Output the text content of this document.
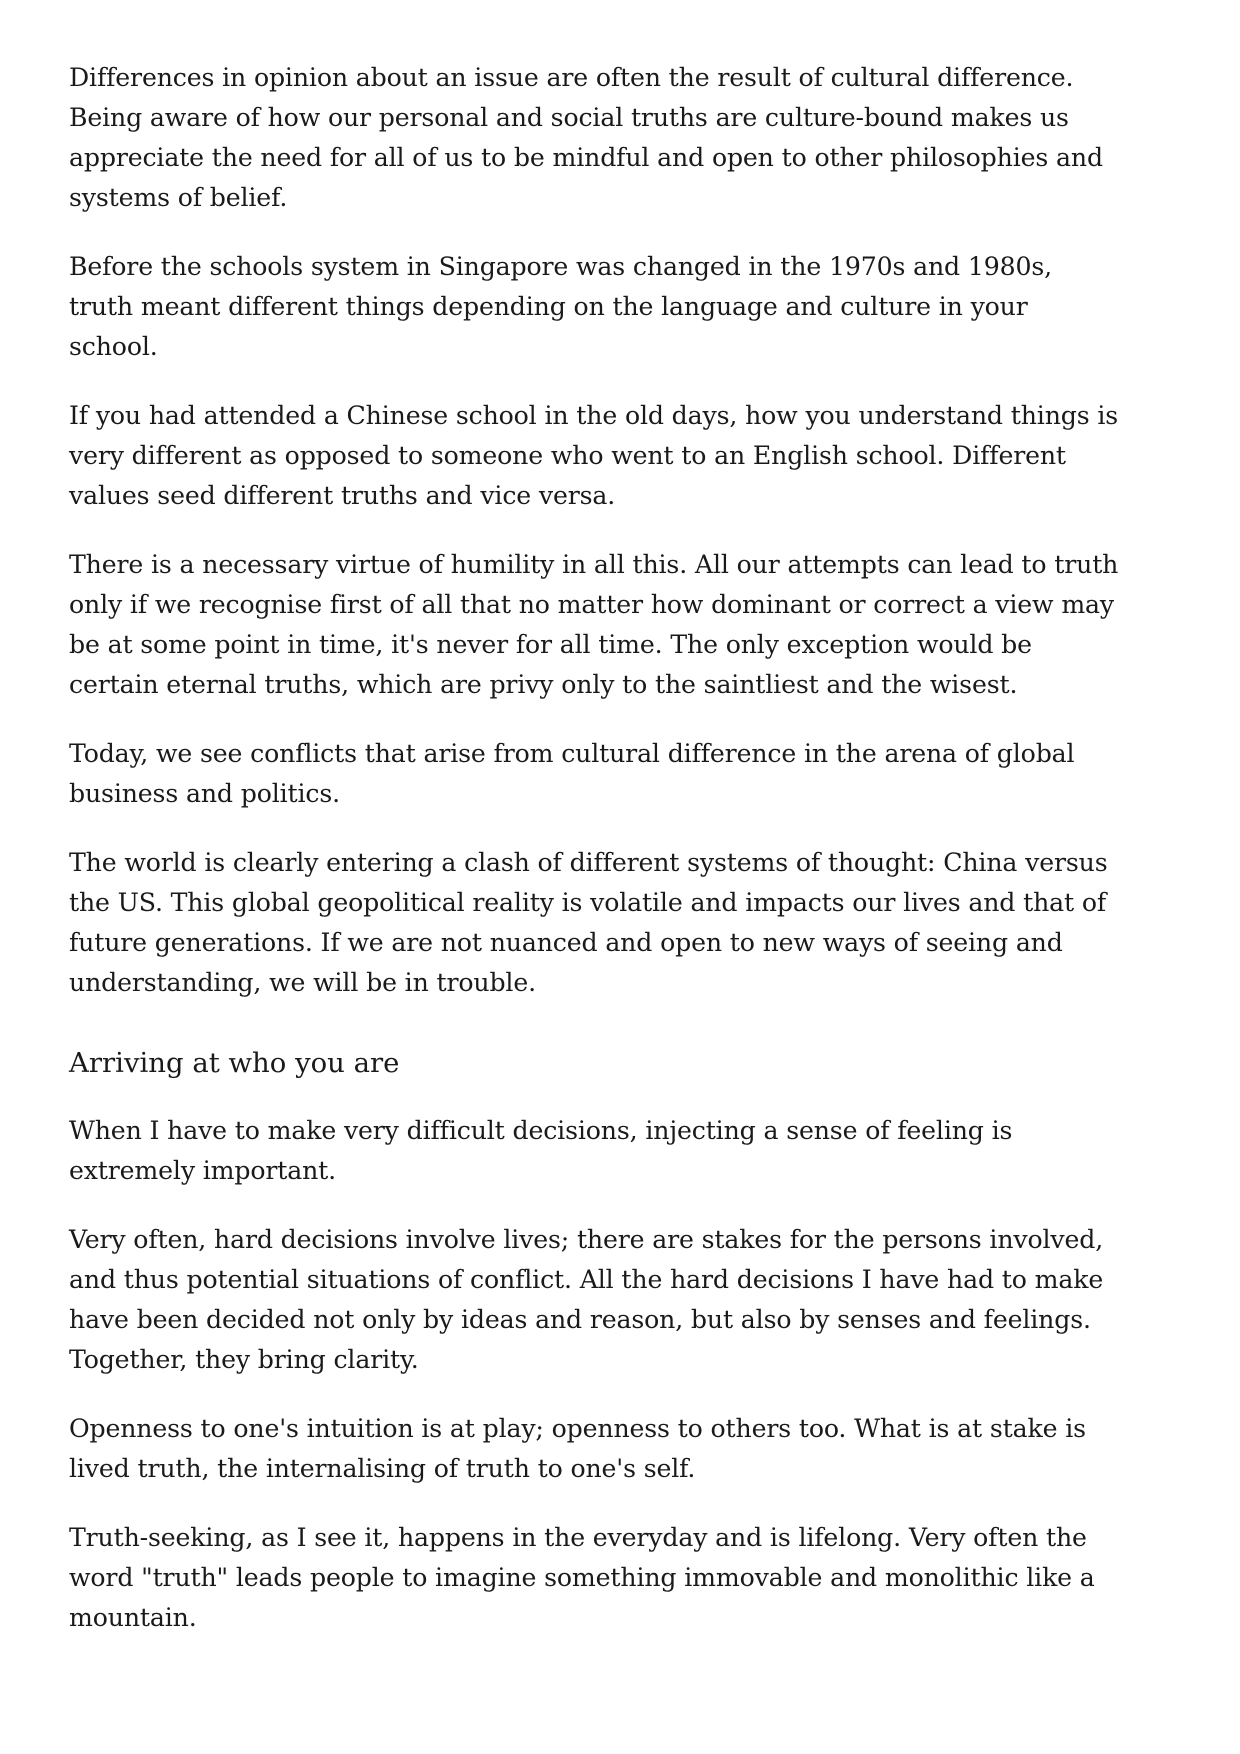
Differences in opinion about an issue are often the result of cultural difference. Being aware of how our personal and social truths are culture-bound makes us appreciate the need for all of us to be mindful and open to other philosophies and systems of belief.

Before the schools system in Singapore was changed in the 1970s and 1980s, truth meant different things depending on the language and culture in your school.

If you had attended a Chinese school in the old days, how you understand things is very different as opposed to someone who went to an English school. Different values seed different truths and vice versa.

There is a necessary virtue of humility in all this. All our attempts can lead to truth only if we recognise first of all that no matter how dominant or correct a view may be at some point in time, it's never for all time. The only exception would be certain eternal truths, which are privy only to the saintliest and the wisest.

Today, we see conflicts that arise from cultural difference in the arena of global business and politics.

The world is clearly entering a clash of different systems of thought: China versus the US. This global geopolitical reality is volatile and impacts our lives and that of future generations. If we are not nuanced and open to new ways of seeing and understanding, we will be in trouble.

Arriving at who you are

When I have to make very difficult decisions, injecting a sense of feeling is extremely important.

Very often, hard decisions involve lives; there are stakes for the persons involved, and thus potential situations of conflict. All the hard decisions I have had to make have been decided not only by ideas and reason, but also by senses and feelings. Together, they bring clarity.

Openness to one's intuition is at play; openness to others too. What is at stake is lived truth, the internalising of truth to one's self.

Truth-seeking, as I see it, happens in the everyday and is lifelong. Very often the word "truth" leads people to imagine something immovable and monolithic like a mountain.
